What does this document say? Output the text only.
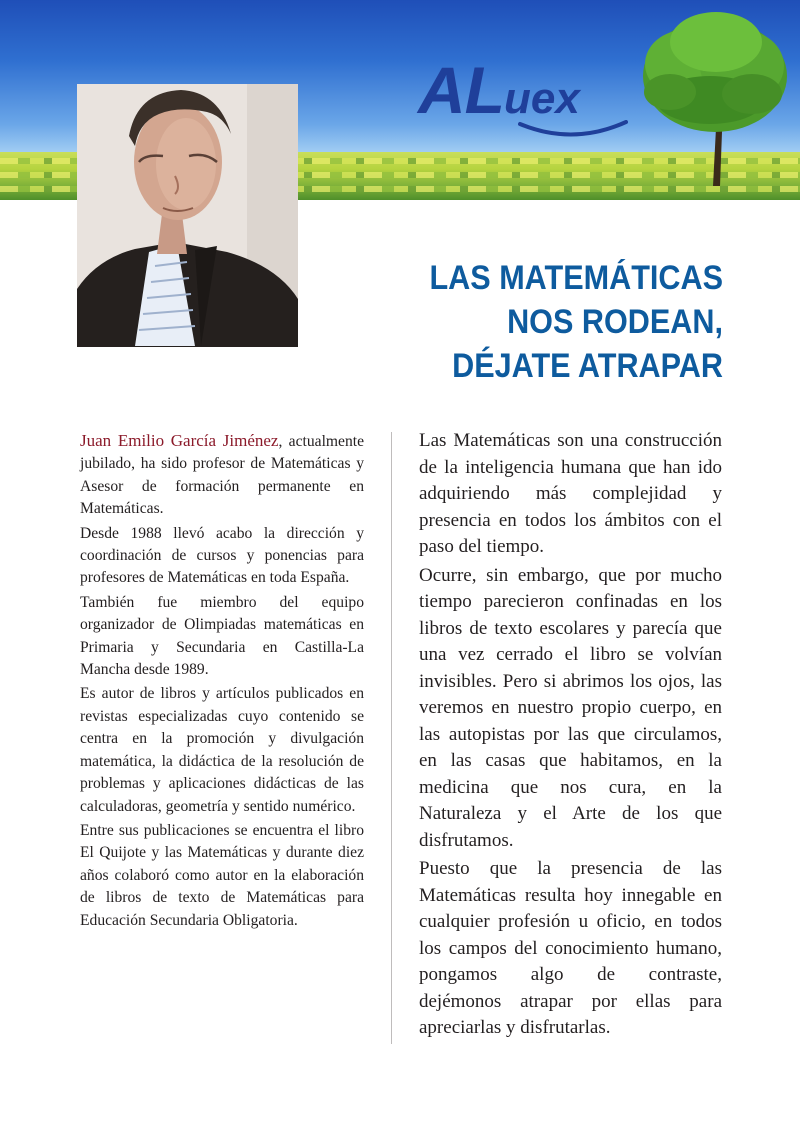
ALuex
LAS MATEMÁTICAS
NOS RODEAN,
DÉJATE ATRAPAR

Juan Emilio García Jiménez, actualmente jubilado, ha sido profesor de Matemáticas y Asesor de formación permanente en Matemáticas.

Desde 1988 llevó acabo la dirección y coordinación de cursos y ponencias para profesores de Matemáticas en toda España.

También fue miembro del equipo organizador de Olimpiadas matemáticas en Primaria y Secundaria en Castilla-La Mancha desde 1989.

Es autor de libros y artículos publicados en revistas especializadas cuyo contenido se centra en la promoción y divulgación matemática, la didáctica de la resolución de problemas y aplicaciones didácticas de las calculadoras, geometría y sentido numérico.

Entre sus publicaciones se encuentra el libro El Quijote y las Matemáticas y durante diez años colaboró como autor en la elaboración de libros de texto de Matemáticas para Educación Secundaria Obligatoria.

Las Matemáticas son una construcción de la inteligencia humana que han ido adquiriendo más complejidad y presencia en todos los ámbitos con el paso del tiempo.

Ocurre, sin embargo, que por mucho tiempo parecieron confinadas en los libros de texto escolares y parecía que una vez cerrado el libro se volvían invisibles. Pero si abrimos los ojos, las veremos en nuestro propio cuerpo, en las autopistas por las que circulamos, en las casas que habitamos, en la medicina que nos cura, en la Naturaleza y el Arte de los que disfrutamos.

Puesto que la presencia de las Matemáticas resulta hoy innegable en cualquier profesión u oficio, en todos los campos del conocimiento humano, pongamos algo de contraste, dejémonos atrapar por ellas para apreciarlas y disfrutarlas.
